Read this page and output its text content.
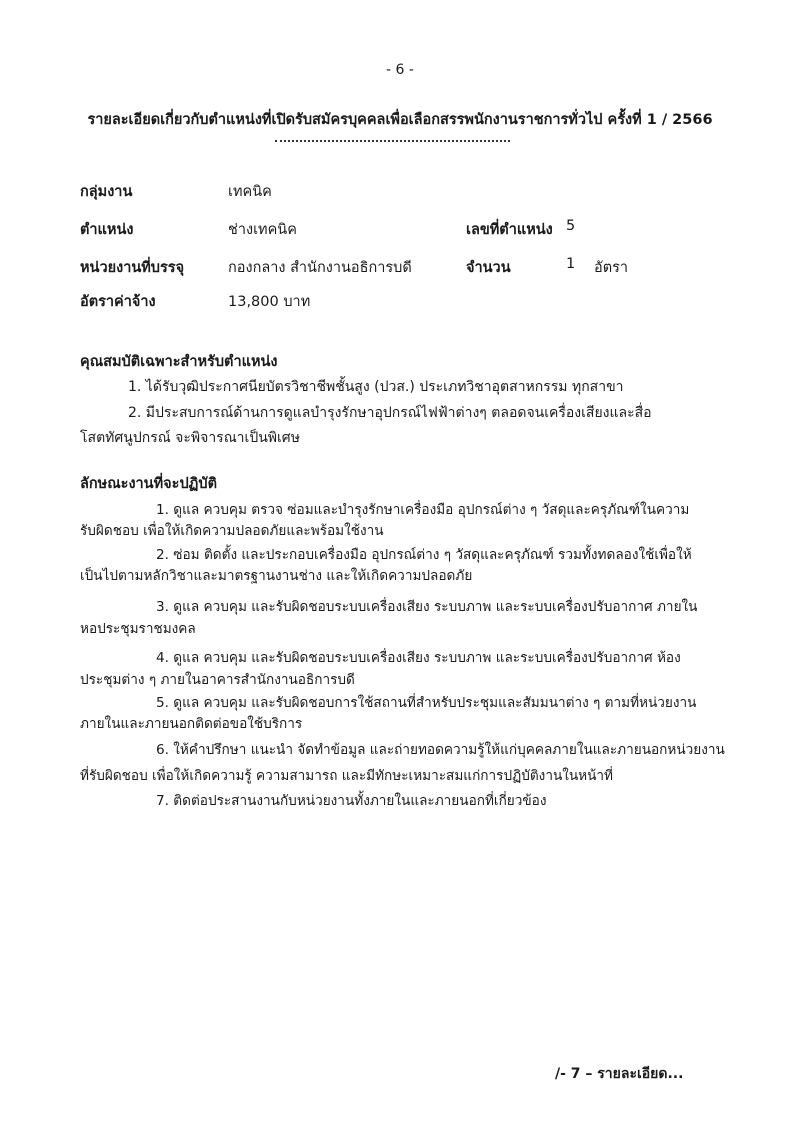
- 6 -
รายละเอียดเกี่ยวกับตำแหน่งที่เปิดรับสมัครบุคคลเพื่อเลือกสรรพนักงานราชการทั่วไป ครั้งที่ 1 / 2566
กลุ่มงาน	เทคนิค
ตำแหน่ง	ช่างเทคนิค	เลขที่ตำแหน่ง 5
หน่วยงานที่บรรจุ	กองกลาง สำนักงานอธิการบดี	จำนวน	1 อัตรา
อัตราค่าจ้าง	13,800 บาท
คุณสมบัติเฉพาะสำหรับตำแหน่ง
1. ได้รับวุฒิประกาศนียบัตรวิชาชีพชั้นสูง (ปวส.) ประเภทวิชาอุตสาหกรรม ทุกสาขา
2. มีประสบการณ์ด้านการดูแลบำรุงรักษาอุปกรณ์ไฟฟ้าต่างๆ ตลอดจนเครื่องเสียงและสื่อ
โสตทัศนูปกรณ์ จะพิจารณาเป็นพิเศษ
ลักษณะงานที่จะปฏิบัติ
1. ดูแล ควบคุม ตรวจ ซ่อมและบำรุงรักษาเครื่องมือ อุปกรณ์ต่าง ๆ วัสดุและครุภัณฑ์ในความ
รับผิดชอบ เพื่อให้เกิดความปลอดภัยและพร้อมใช้งาน
2. ซ่อม ติดตั้ง และประกอบเครื่องมือ อุปกรณ์ต่าง ๆ วัสดุและครุภัณฑ์ รวมทั้งทดลองใช้เพื่อให้
เป็นไปตามหลักวิชาและมาตรฐานงานช่าง และให้เกิดความปลอดภัย
3. ดูแล ควบคุม และรับผิดชอบระบบเครื่องเสียง ระบบภาพ และระบบเครื่องปรับอากาศ ภายใน
หอประชุมราชมงคล
4. ดูแล ควบคุม และรับผิดชอบระบบเครื่องเสียง ระบบภาพ และระบบเครื่องปรับอากาศ ห้อง
ประชุมต่าง ๆ ภายในอาคารสำนักงานอธิการบดี
5. ดูแล ควบคุม และรับผิดชอบการใช้สถานที่สำหรับประชุมและสัมมนาต่าง ๆ ตามที่หน่วยงาน
ภายในและภายนอกติดต่อขอใช้บริการ
6. ให้คำปรึกษา แนะนำ จัดทำข้อมูล และถ่ายทอดความรู้ให้แก่บุคคลภายในและภายนอกหน่วยงาน
ที่รับผิดชอบ เพื่อให้เกิดความรู้ ความสามารถ และมีทักษะเหมาะสมแก่การปฏิบัติงานในหน้าที่
7. ติดต่อประสานงานกับหน่วยงานทั้งภายในและภายนอกที่เกี่ยวข้อง
/- 7 – รายละเอียด...
